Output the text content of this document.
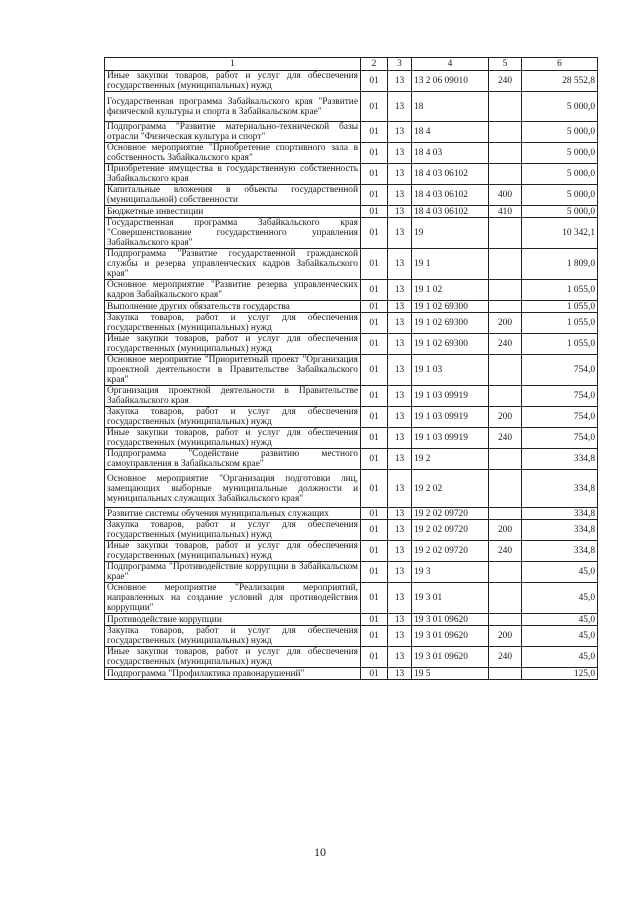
1	2	3	4	5	6
Иные закупки товаров, работ и услуг для обеспечения государственных (муниципальных) нужд	01	13	13 2 06 09010	240	28 552,8
Государственная программа Забайкальского края "Развитие физической культуры и спорта в Забайкальском крае"	01	13	18		5 000,0
Подпрограмма "Развитие материально-технической базы отрасли "Физическая культура и спорт"	01	13	18 4		5 000,0
Основное мероприятие "Приобретение спортивного зала в собственность Забайкальского края"	01	13	18 4 03		5 000,0
Приобретение имущества в государственную собственность Забайкальского края	01	13	18 4 03 06102		5 000,0
Капитальные вложения в объекты государственной (муниципальной) собственности	01	13	18 4 03 06102	400	5 000,0
Бюджетные инвестиции	01	13	18 4 03 06102	410	5 000,0
Государственная программа Забайкальского края "Совершенствование государственного управления Забайкальского края"	01	13	19		10 342,1
Подпрограмма "Развитие государственной гражданской службы и резерва управленческих кадров Забайкальского края"	01	13	19 1		1 809,0
Основное мероприятие "Развитие резерва управленческих кадров Забайкальского края"	01	13	19 1 02		1 055,0
Выполнение других обязательств государства	01	13	19 1 02 69300		1 055,0
Закупка товаров, работ и услуг для обеспечения государственных (муниципальных) нужд	01	13	19 1 02 69300	200	1 055,0
Иные закупки товаров, работ и услуг для обеспечения государственных (муниципальных) нужд	01	13	19 1 02 69300	240	1 055,0
Основное мероприятие "Приоритетный проект "Организация проектной деятельности в Правительстве Забайкальского края"	01	13	19 1 03		754,0
Организация проектной деятельности в Правительстве Забайкальского края	01	13	19 1 03 09919		754,0
Закупка товаров, работ и услуг для обеспечения государственных (муниципальных) нужд	01	13	19 1 03 09919	200	754,0
Иные закупки товаров, работ и услуг для обеспечения государственных (муниципальных) нужд	01	13	19 1 03 09919	240	754,0
Подпрограмма "Содействие развитию местного самоуправления в Забайкальском крае"	01	13	19 2		334,8
Основное мероприятие "Организация подготовки лиц, замещающих выборные муниципальные должности и муниципальных служащих Забайкальского края"	01	13	19 2 02		334,8
Развитие системы обучения муниципальных служащих	01	13	19 2 02 09720		334,8
Закупка товаров, работ и услуг для обеспечения государственных (муниципальных) нужд	01	13	19 2 02 09720	200	334,8
Иные закупки товаров, работ и услуг для обеспечения государственных (муниципальных) нужд	01	13	19 2 02 09720	240	334,8
Подпрограмма "Противодействие коррупции в Забайкальском крае"	01	13	19 3		45,0
Основное мероприятие "Реализация мероприятий, направленных на создание условий для противодействия коррупции"	01	13	19 3 01		45,0
Противодействие коррупции	01	13	19 3 01 09620		45,0
Закупка товаров, работ и услуг для обеспечения государственных (муниципальных) нужд	01	13	19 3 01 09620	200	45,0
Иные закупки товаров, работ и услуг для обеспечения государственных (муниципальных) нужд	01	13	19 3 01 09620	240	45,0
Подпрограмма "Профилактика правонарушений"	01	13	19 5		125,0
10
